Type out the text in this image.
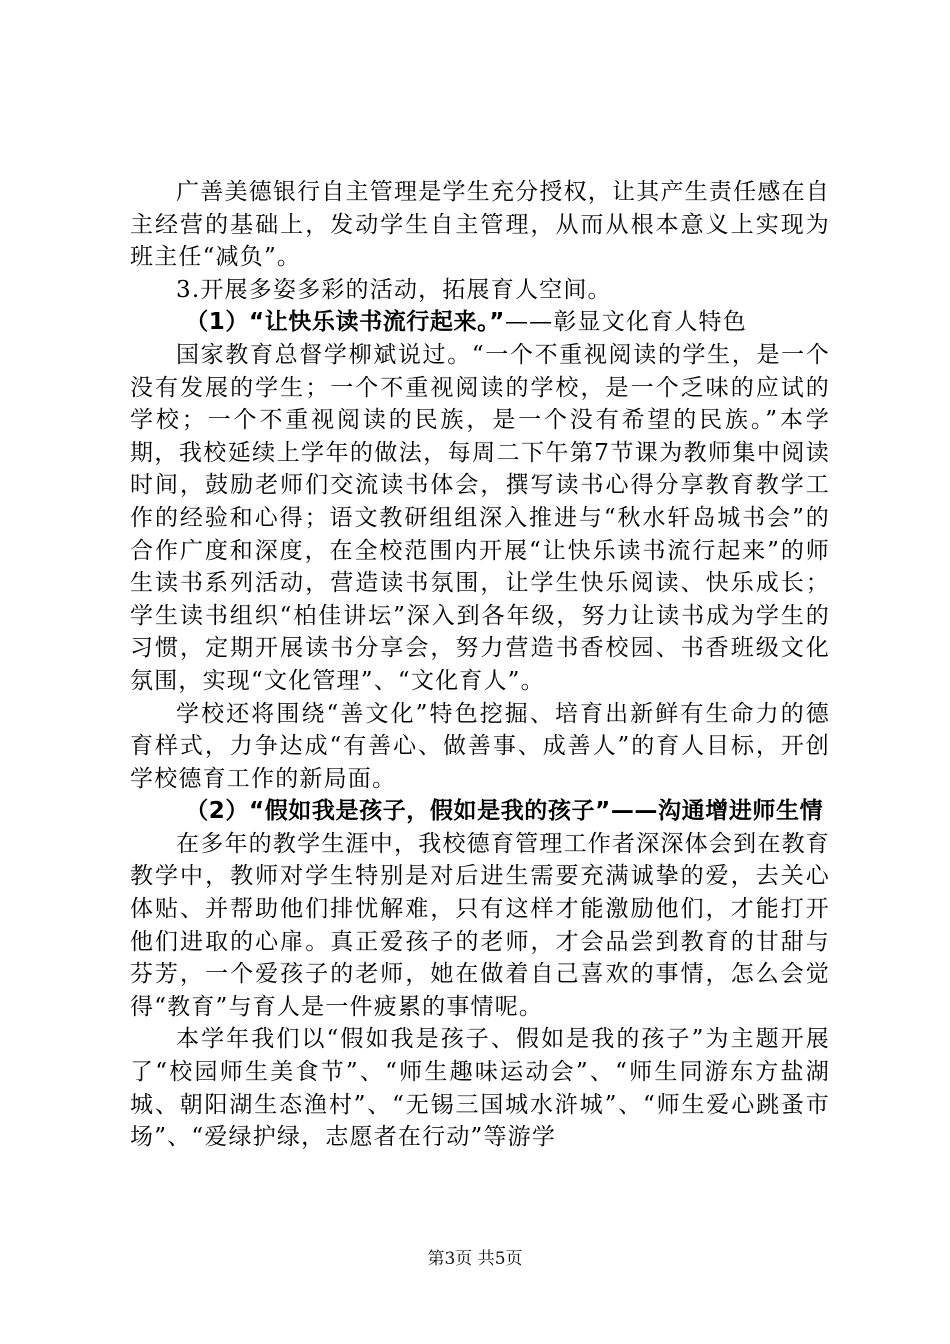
广善美德银行自主管理是学生充分授权，让其产生责任感在自主经营的基础上，发动学生自主管理，从而从根本意义上实现为班主任“减负”。

3.开展多姿多彩的活动，拓展育人空间。

（1）“让快乐读书流行起来。”——彰显文化育人特色

国家教育总督学柳斌说过。“一个不重视阅读的学生，是一个没有发展的学生；一个不重视阅读的学校，是一个乏味的应试的学校；一个不重视阅读的民族，是一个没有希望的民族。”本学期，我校延续上学年的做法，每周二下午第7节课为教师集中阅读时间，鼓励老师们交流读书体会，撰写读书心得分享教育教学工作的经验和心得；语文教研组组深入推进与“秋水轩岛城书会”的合作广度和深度，在全校范围内开展“让快乐读书流行起来”的师生读书系列活动，营造读书氛围，让学生快乐阅读、快乐成长；学生读书组织“柏佳讲坛”深入到各年级，努力让读书成为学生的习惯，定期开展读书分享会，努力营造书香校园、书香班级文化氛围，实现“文化管理”、“文化育人”。

学校还将围绕“善文化”特色挖掘、培育出新鲜有生命力的德育样式，力争达成“有善心、做善事、成善人”的育人目标，开创学校德育工作的新局面。

（2）“假如我是孩子，假如是我的孩子”——沟通增进师生情

在多年的教学生涯中，我校德育管理工作者深深体会到在教育教学中，教师对学生特别是对后进生需要充满诚挚的爱，去关心体贴、并帮助他们排忧解难，只有这样才能激励他们，才能打开他们进取的心扉。真正爱孩子的老师，才会品尝到教育的甘甜与芬芳，一个爱孩子的老师，她在做着自己喜欢的事情，怎么会觉得“教育”与育人是一件疲累的事情呢。

本学年我们以“假如我是孩子、假如是我的孩子”为主题开展了“校园师生美食节”、“师生趣味运动会”、“师生同游东方盐湖城、朝阳湖生态渔村”、“无锡三国城水浒城”、“师生爱心跳蚤市场”、“爱绿护绿，志愿者在行动”等游学

第3页 共5页
